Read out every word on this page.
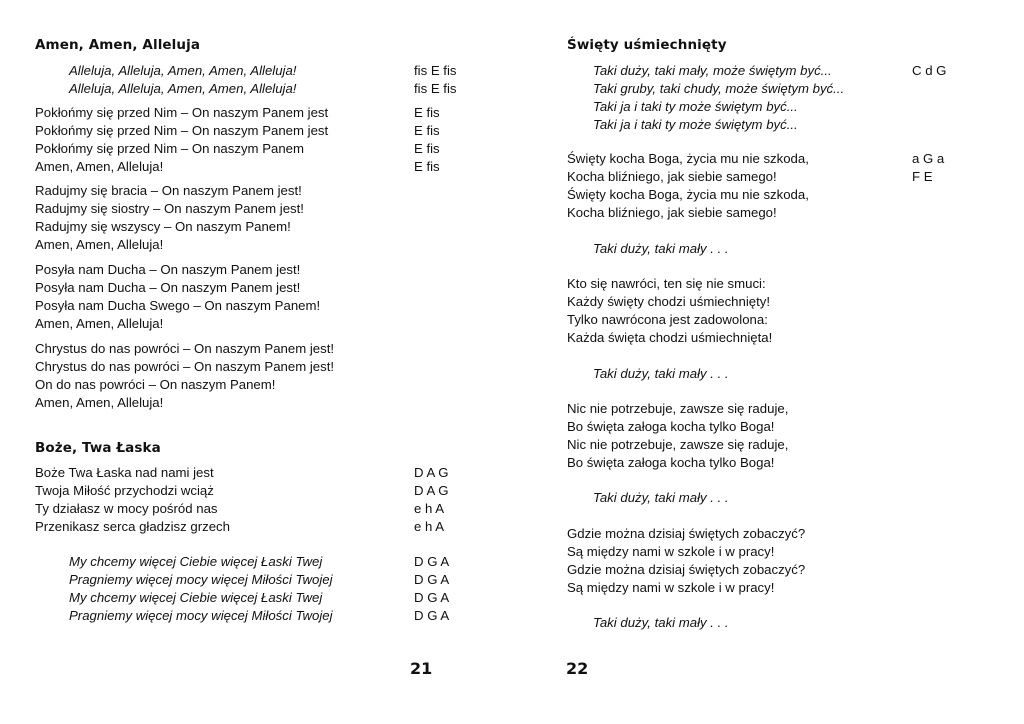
Amen, Amen, Alleluja
Alleluja, Alleluja, Amen, Amen, Alleluja!	fis E fis
Alleluja, Alleluja, Amen, Amen, Alleluja!	fis E fis
Pokłońmy się przed Nim – On naszym Panem jest	E fis
Pokłońmy się przed Nim – On naszym Panem jest	E fis
Pokłońmy się przed Nim – On naszym Panem	E fis
Amen, Amen, Alleluja!	E fis
Radujmy się bracia – On naszym Panem jest!
Radujmy się siostry – On naszym Panem jest!
Radujmy się wszyscy – On naszym Panem!
Amen, Amen, Alleluja!
Posyła nam Ducha – On naszym Panem jest!
Posyła nam Ducha – On naszym Panem jest!
Posyła nam Ducha Swego – On naszym Panem!
Amen, Amen, Alleluja!
Chrystus do nas powróci – On naszym Panem jest!
Chrystus do nas powróci – On naszym Panem jest!
On do nas powróci – On naszym Panem!
Amen, Amen, Alleluja!
Boże, Twa Łaska
Boże Twa Łaska nad nami jest	D A G
Twoja Miłość przychodzi wciąż	D A G
Ty działasz w mocy pośród nas	e h A
Przenikasz serca gładzisz grzech	e h A
My chcemy więcej Ciebie więcej Łaski Twej	D G A
Pragniemy więcej mocy więcej Miłości Twojej	D G A
My chcemy więcej Ciebie więcej Łaski Twej	D G A
Pragniemy więcej mocy więcej Miłości Twojej	D G A
21
Święty uśmiechnięty
Taki duży, taki mały, może świętym być...	C d G
Taki gruby, taki chudy, może świętym być...
Taki ja i taki ty może świętym być...
Taki ja i taki ty może świętym być...
Święty kocha Boga, życia mu nie szkoda,	a G a
Kocha bliźniego, jak siebie samego!	F E
Święty kocha Boga, życia mu nie szkoda,
Kocha bliźniego, jak siebie samego!
Taki duży, taki mały . . .
Kto się nawróci, ten się nie smuci:
Każdy święty chodzi uśmiechnięty!
Tylko nawrócona jest zadowolona:
Każda święta chodzi uśmiechnięta!
Taki duży, taki mały . . .
Nic nie potrzebuje, zawsze się raduje,
Bo święta załoga kocha tylko Boga!
Nic nie potrzebuje, zawsze się raduje,
Bo święta załoga kocha tylko Boga!
Taki duży, taki mały . . .
Gdzie można dzisiaj świętych zobaczyć?
Są między nami w szkole i w pracy!
Gdzie można dzisiaj świętych zobaczyć?
Są między nami w szkole i w pracy!
Taki duży, taki mały . . .
22
